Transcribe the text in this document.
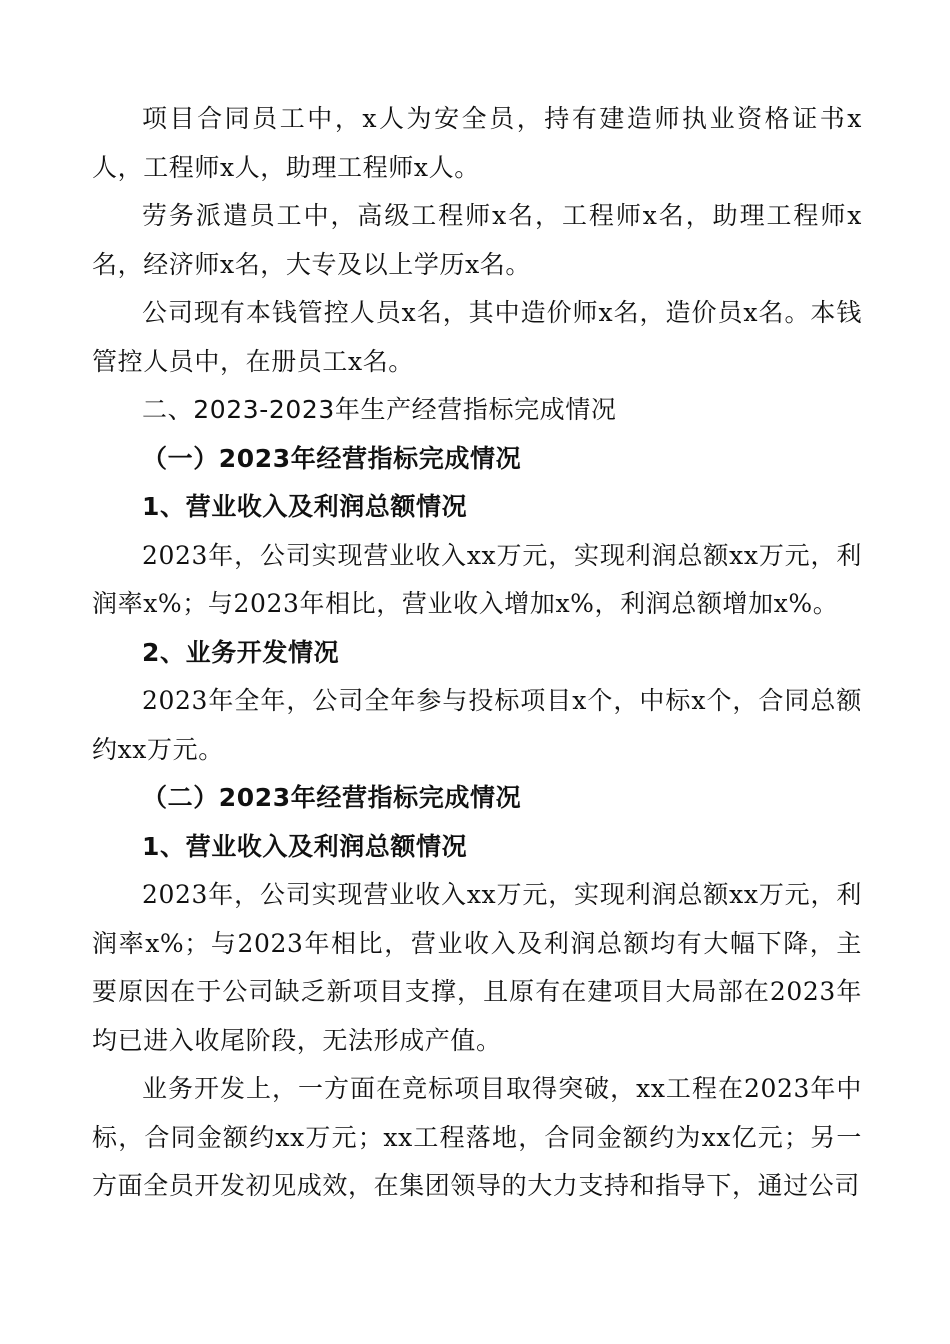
项目合同员工中，x人为安全员，持有建造师执业资格证书x人，工程师x人，助理工程师x人。

劳务派遣员工中，高级工程师x名，工程师x名，助理工程师x名，经济师x名，大专及以上学历x名。

公司现有本钱管控人员x名，其中造价师x名，造价员x名。本钱管控人员中，在册员工x名。

二、2023-2023年生产经营指标完成情况

（一）2023年经营指标完成情况

1、营业收入及利润总额情况

2023年，公司实现营业收入xx万元，实现利润总额xx万元，利润率x%；与2023年相比，营业收入增加x%，利润总额增加x%。

2、业务开发情况

2023年全年，公司全年参与投标项目x个，中标x个，合同总额约xx万元。

（二）2023年经营指标完成情况

1、营业收入及利润总额情况

2023年，公司实现营业收入xx万元，实现利润总额xx万元，利润率x%；与2023年相比，营业收入及利润总额均有大幅下降，主要原因在于公司缺乏新项目支撑，且原有在建项目大局部在2023年均已进入收尾阶段，无法形成产值。

业务开发上，一方面在竞标项目取得突破，xx工程在2023年中标，合同金额约xx万元；xx工程落地，合同金额约为xx亿元；另一方面全员开发初见成效，在集团领导的大力支持和指导下，通过公司
